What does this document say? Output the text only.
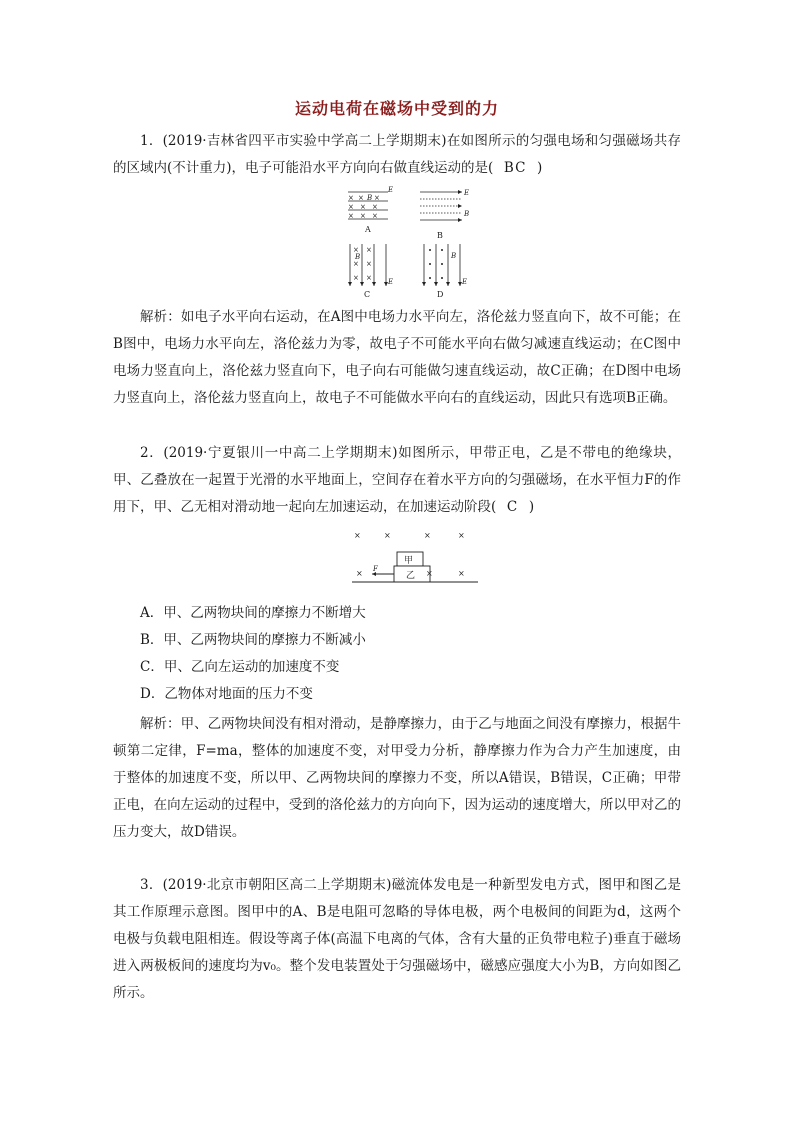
运动电荷在磁场中受到的力

1．(2019·吉林省四平市实验中学高二上学期期末)在如图所示的匀强电场和匀强磁场共存的区域内(不计重力)，电子可能沿水平方向向右做直线运动的是( BC )

× × ×
B
× × ×
× × ×
E
A
E
B
B
× ×
× ×
× ×
B
E
C
B
E
D

解析：如电子水平向右运动，在A图中电场力水平向左，洛伦兹力竖直向下，故不可能；在B图中，电场力水平向左，洛伦兹力为零，故电子不可能水平向右做匀减速直线运动；在C图中电场力竖直向上，洛伦兹力竖直向下，电子向右可能做匀速直线运动，故C正确；在D图中电场力竖直向上，洛伦兹力竖直向上，故电子不可能做水平向右的直线运动，因此只有选项B正确。

2．(2019·宁夏银川一中高二上学期期末)如图所示，甲带正电，乙是不带电的绝缘块，甲、乙叠放在一起置于光滑的水平地面上，空间存在着水平方向的匀强磁场，在水平恒力F的作用下，甲、乙无相对滑动地一起向左加速运动，在加速运动阶段( C )

×	×	×	×
甲
乙
F
×	×	×
A．甲、乙两物块间的摩擦力不断增大
B．甲、乙两物块间的摩擦力不断减小
C．甲、乙向左运动的加速度不变
D．乙物体对地面的压力不变

解析：甲、乙两物块间没有相对滑动，是静摩擦力，由于乙与地面之间没有摩擦力，根据牛顿第二定律，F=ma，整体的加速度不变，对甲受力分析，静摩擦力作为合力产生加速度，由于整体的加速度不变，所以甲、乙两物块间的摩擦力不变，所以A错误，B错误，C正确；甲带正电，在向左运动的过程中，受到的洛伦兹力的方向向下，因为运动的速度增大，所以甲对乙的压力变大，故D错误。

3．(2019·北京市朝阳区高二上学期期末)磁流体发电是一种新型发电方式，图甲和图乙是其工作原理示意图。图甲中的A、B是电阻可忽略的导体电极，两个电极间的间距为d，这两个电极与负载电阻相连。假设等离子体(高温下电离的气体，含有大量的正负带电粒子)垂直于磁场进入两极板间的速度均为v₀。整个发电装置处于匀强磁场中，磁感应强度大小为B，方向如图乙所示。
